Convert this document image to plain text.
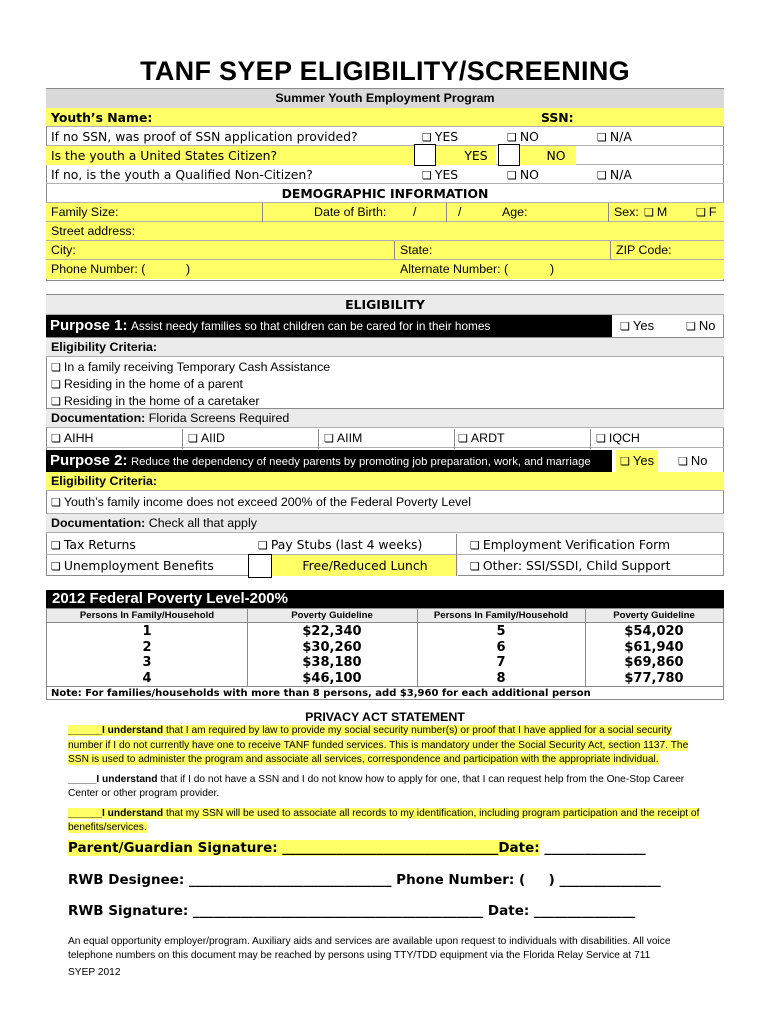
TANF SYEP ELIGIBILITY/SCREENING
Summer Youth Employment Program
Youth’s Name:	SSN:
If no SSN, was proof of SSN application provided?	❏ YES	❏ NO	❏ N/A
Is the youth a United States Citizen?	YES	NO
If no, is the youth a Qualified Non-Citizen?	❏ YES	❏ NO	❏ N/A
DEMOGRAPHIC INFORMATION
Family Size:	Date of Birth: /	/	Age:	Sex:	❏ M	❏ F
Street address:
City:	State:	ZIP Code:
Phone Number: (	)	Alternate Number: (	)
ELIGIBILITY
Purpose 1: Assist needy families so that children can be cared for in their homes	❏ Yes	❏ No
Eligibility Criteria:
❏ In a family receiving Temporary Cash Assistance
❏ Residing in the home of a parent
❏ Residing in the home of a caretaker
Documentation: Florida Screens Required
❏ AIHH	❏ AIID	❏ AIIM	❏ ARDT	❏ IQCH
Purpose 2: Reduce the dependency of needy parents by promoting job preparation, work, and marriage	❏ Yes	❏ No
Eligibility Criteria:
❏ Youth’s family income does not exceed 200% of the Federal Poverty Level
Documentation: Check all that apply
❏ Tax Returns	❏ Pay Stubs (last 4 weeks)	❏ Employment Verification Form
❏ Unemployment Benefits	Free/Reduced Lunch	❏ Other: SSI/SSDI, Child Support
2012 Federal Poverty Level-200%
Persons In Family/Household	Poverty Guideline	Persons In Family/Household	Poverty Guideline
1	$22,340	5	$54,020
2	$30,260	6	$61,940
3	$38,180	7	$69,860
4	$46,100	8	$77,780
Note: For families/households with more than 8 persons, add $3,960 for each additional person
PRIVACY ACT STATEMENT

______I understand that I am required by law to provide my social security number(s) or proof that I have applied for a social security number if I do not currently have one to receive TANF funded services. This is mandatory under the Social Security Act, section 1137. The SSN is used to administer the program and associate all services, correspondence and participation with the appropriate individual.

_____I understand that if I do not have a SSN and I do not know how to apply for one, that I can request help from the One-Stop Career Center or other program provider.

______I understand that my SSN will be used to associate all records to my identification, including program participation and the receipt of benefits/services.

Parent/Guardian Signature: ________________________________Date: _______________
RWB Designee: ______________________________ Phone Number: ( ) _______________
RWB Signature: ___________________________________________ Date: _______________
An equal opportunity employer/program. Auxiliary aids and services are available upon request to individuals with disabilities. All voice telephone numbers on this document may be reached by persons using TTY/TDD equipment via the Florida Relay Service at 711
SYEP 2012
